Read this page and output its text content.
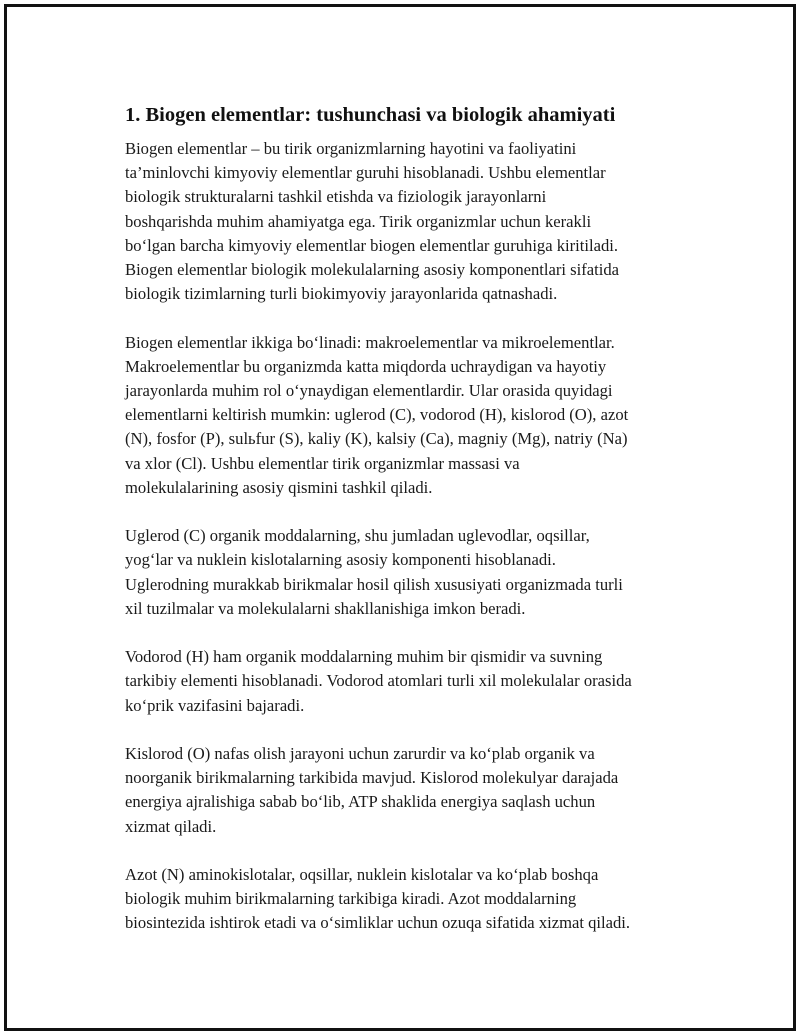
1. Biogen elementlar: tushunchasi va biologik ahamiyati

Biogen elementlar – bu tirik organizmlarning hayotini va faoliyatini
ta’minlovchi kimyoviy elementlar guruhi hisoblanadi. Ushbu elementlar
biologik strukturalarni tashkil etishda va fiziologik jarayonlarni
boshqarishda muhim ahamiyatga ega. Tirik organizmlar uchun kerakli
bo‘lgan barcha kimyoviy elementlar biogen elementlar guruhiga kiritiladi.
Biogen elementlar biologik molekulalarning asosiy komponentlari sifatida
biologik tizimlarning turli biokimyoviy jarayonlarida qatnashadi.

Biogen elementlar ikkiga bo‘linadi: makroelementlar va mikroelementlar.
Makroelementlar bu organizmda katta miqdorda uchraydigan va hayotiy
jarayonlarda muhim rol o‘ynaydigan elementlardir. Ular orasida quyidagi
elementlarni keltirish mumkin: uglerod (C), vodorod (H), kislorod (O), azot
(N), fosfor (P), sulьfur (S), kaliy (K), kalsiy (Ca), magniy (Mg), natriy (Na)
va xlor (Cl). Ushbu elementlar tirik organizmlar massasi va
molekulalarining asosiy qismini tashkil qiladi.

Uglerod (C) organik moddalarning, shu jumladan uglevodlar, oqsillar,
yog‘lar va nuklein kislotalarning asosiy komponenti hisoblanadi.
Uglerodning murakkab birikmalar hosil qilish xususiyati organizmada turli
xil tuzilmalar va molekulalarni shakllanishiga imkon beradi.

Vodorod (H) ham organik moddalarning muhim bir qismidir va suvning
tarkibiy elementi hisoblanadi. Vodorod atomlari turli xil molekulalar orasida
ko‘prik vazifasini bajaradi.

Kislorod (O) nafas olish jarayoni uchun zarurdir va ko‘plab organik va
noorganik birikmalarning tarkibida mavjud. Kislorod molekulyar darajada
energiya ajralishiga sabab bo‘lib, ATP shaklida energiya saqlash uchun
xizmat qiladi.

Azot (N) aminokislotalar, oqsillar, nuklein kislotalar va ko‘plab boshqa
biologik muhim birikmalarning tarkibiga kiradi. Azot moddalarning
biosintezida ishtirok etadi va o‘simliklar uchun ozuqa sifatida xizmat qiladi.
